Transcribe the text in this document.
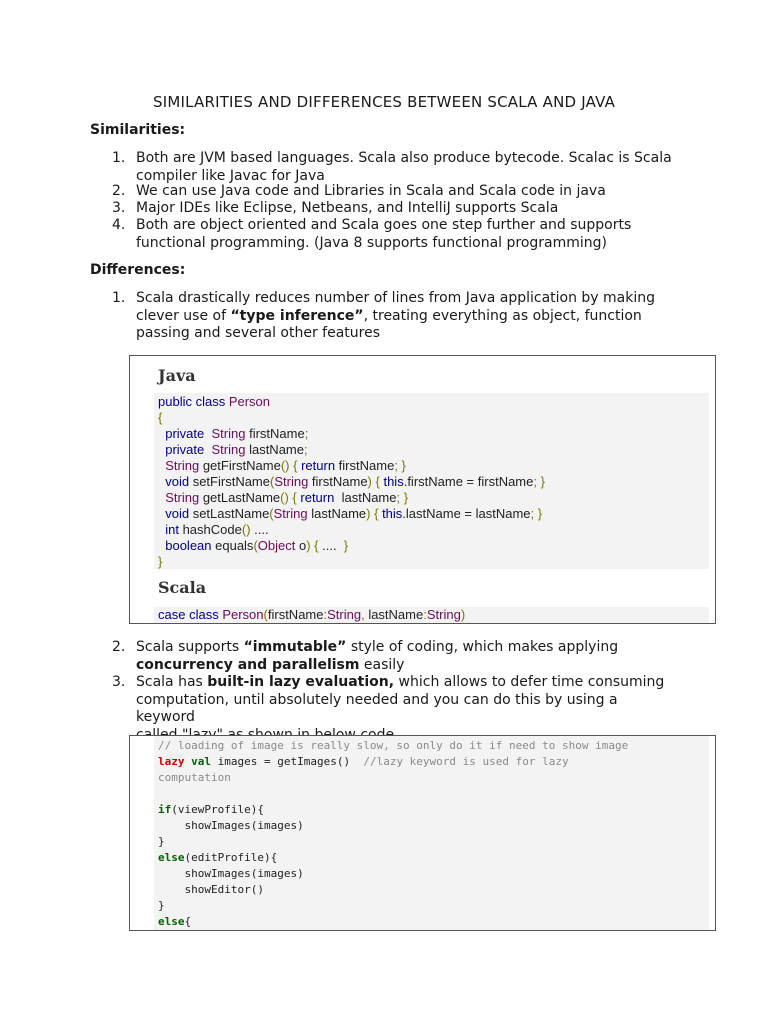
SIMILARITIES AND DIFFERENCES BETWEEN SCALA AND JAVA
Similarities:
1. Both are JVM based languages. Scala also produce bytecode. Scalac is Scala
compiler like Javac for Java
2. We can use Java code and Libraries in Scala and Scala code in java
3. Major IDEs like Eclipse, Netbeans, and IntelliJ supports Scala
4. Both are object oriented and Scala goes one step further and supports
functional programming. (Java 8 supports functional programming)
Differences:
1. Scala drastically reduces number of lines from Java application by making
clever use of “type inference”, treating everything as object, function
passing and several other features
Java
public class Person
{
private String firstName;
private String lastName;
String getFirstName() { return firstName; }
void setFirstName(String firstName) { this.firstName = firstName; }
String getLastName() { return  lastName; }
void setLastName(String lastName) { this.lastName = lastName; }
int hashCode() ....
boolean equals(Object o) { ....  }
}
Scala
case class Person(firstName:String, lastName:String)
2. Scala supports “immutable” style of coding, which makes applying
concurrency and parallelism easily
3. Scala has built-in lazy evaluation, which allows to defer time consuming
computation, until absolutely needed and you can do this by using a keyword

// loading of image is really slow, so only do it if need to show image
lazy val images = getImages()  //lazy keyword is used for lazy
computation
if(viewProfile){
showImages(images)
}
else(editProfile){
showImages(images)
showEditor()
}
else{
